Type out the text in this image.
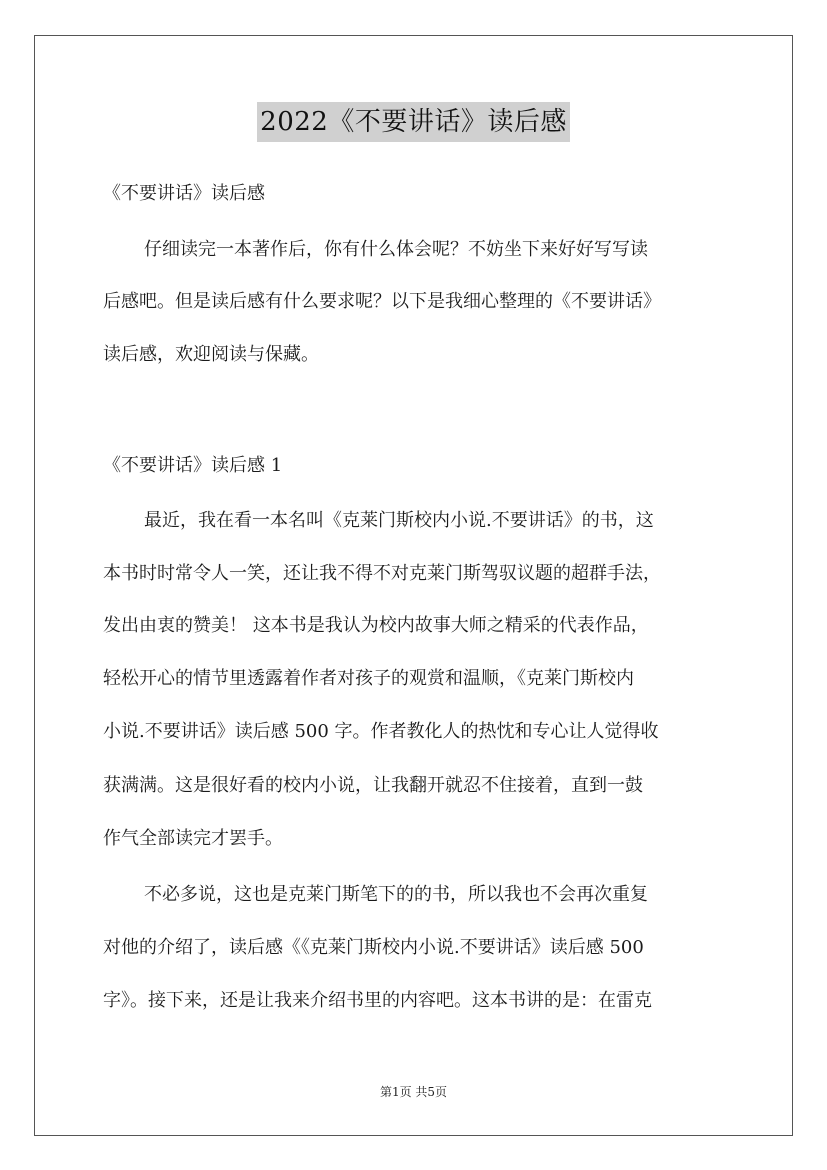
2022《不要讲话》读后感
《不要讲话》读后感
仔细读完一本著作后，你有什么体会呢？不妨坐下来好好写写读
后感吧。但是读后感有什么要求呢？以下是我细心整理的《不要讲话》
读后感，欢迎阅读与保藏。
《不要讲话》读后感 1
最近，我在看一本名叫《克莱门斯校内小说.不要讲话》的书，这
本书时时常令人一笑，还让我不得不对克莱门斯驾驭议题的超群手法，
发出由衷的赞美！ 这本书是我认为校内故事大师之精采的代表作品，
轻松开心的情节里透露着作者对孩子的观赏和温顺，《克莱门斯校内
小说.不要讲话》读后感 500 字。作者教化人的热忱和专心让人觉得收
获满满。这是很好看的校内小说，让我翻开就忍不住接着，直到一鼓
作气全部读完才罢手。
不必多说，这也是克莱门斯笔下的的书，所以我也不会再次重复
对他的介绍了，读后感《《克莱门斯校内小说.不要讲话》读后感 500
字》。接下来，还是让我来介绍书里的内容吧。这本书讲的是：在雷克
第1页 共5页
